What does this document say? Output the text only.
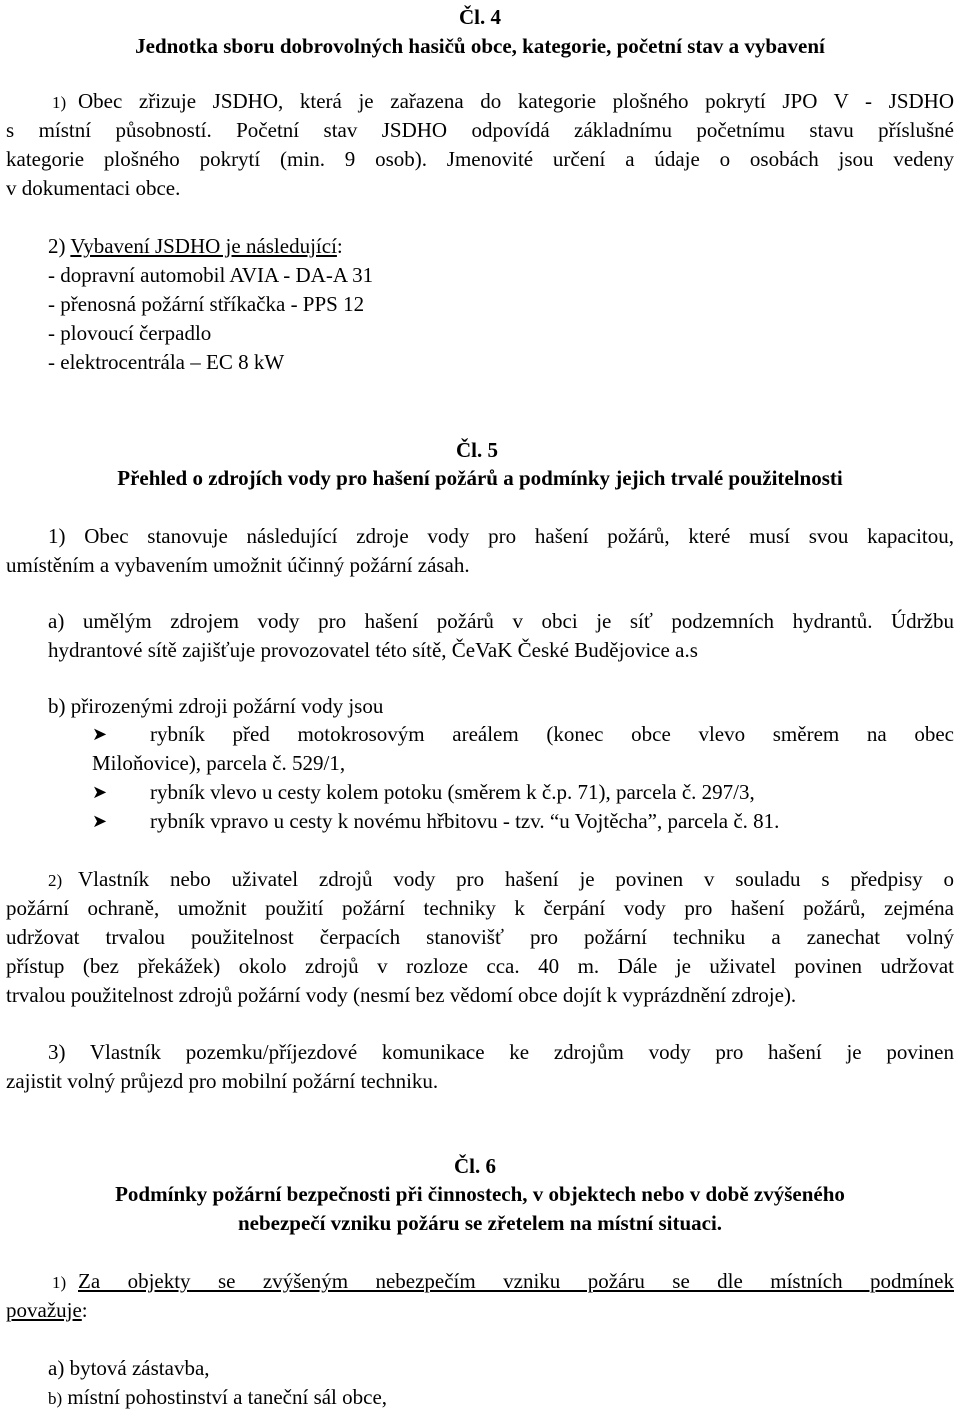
Čl. 4
Jednotka sboru dobrovolných hasičů obce, kategorie, početní stav a vybavení
1) Obec zřizuje JSDHO, která je zařazena do kategorie plošného pokrytí JPO V - JSDHO
s místní působností. Početní stav JSDHO odpovídá základnímu početnímu stavu příslušné
kategorie plošného pokrytí (min. 9 osob). Jmenovité určení a údaje o osobách jsou vedeny
v dokumentaci obce.
2) Vybavení JSDHO je následující:
- dopravní automobil AVIA - DA-A 31
- přenosná požární stříkačka - PPS 12
- plovoucí čerpadlo
- elektrocentrála – EC 8 kW
Čl. 5
Přehled o zdrojích vody pro hašení požárů a podmínky jejich trvalé použitelnosti
1) Obec stanovuje následující zdroje vody pro hašení požárů, které musí svou kapacitou,
umístěním a vybavením umožnit účinný požární zásah.
a) umělým zdrojem vody pro hašení požárů v obci je síť podzemních hydrantů. Údržbu
hydrantové sítě zajišťuje provozovatel této sítě, ČeVaK České Budějovice a.s
b) přirozenými zdroji požární vody jsou
➤ rybník před motokrosovým areálem (konec obce vlevo směrem na obec
Miloňovice), parcela č. 529/1,
➤ rybník vlevo u cesty kolem potoku (směrem k č.p. 71), parcela č. 297/3,
➤ rybník vpravo u cesty k novému hřbitovu - tzv. “u Vojtěcha”, parcela č. 81.
2) Vlastník nebo uživatel zdrojů vody pro hašení je povinen v souladu s předpisy o
požární ochraně, umožnit použití požární techniky k čerpání vody pro hašení požárů, zejména
udržovat trvalou použitelnost čerpacích stanovišť pro požární techniku a zanechat volný
přístup (bez překážek) okolo zdrojů v rozloze cca. 40 m. Dále je uživatel povinen udržovat
trvalou použitelnost zdrojů požární vody (nesmí bez vědomí obce dojít k vyprázdnění zdroje).
3) Vlastník pozemku/příjezdové komunikace ke zdrojům vody pro hašení je povinen
zajistit volný průjezd pro mobilní požární techniku.
Čl. 6
Podmínky požární bezpečnosti při činnostech, v objektech nebo v době zvýšeného
nebezpečí vzniku požáru se zřetelem na místní situaci.
1) Za objekty se zvýšeným nebezpečím vzniku požáru se dle místních podmínek
považuje:
a) bytová zástavba,
b) místní pohostinství a taneční sál obce,
